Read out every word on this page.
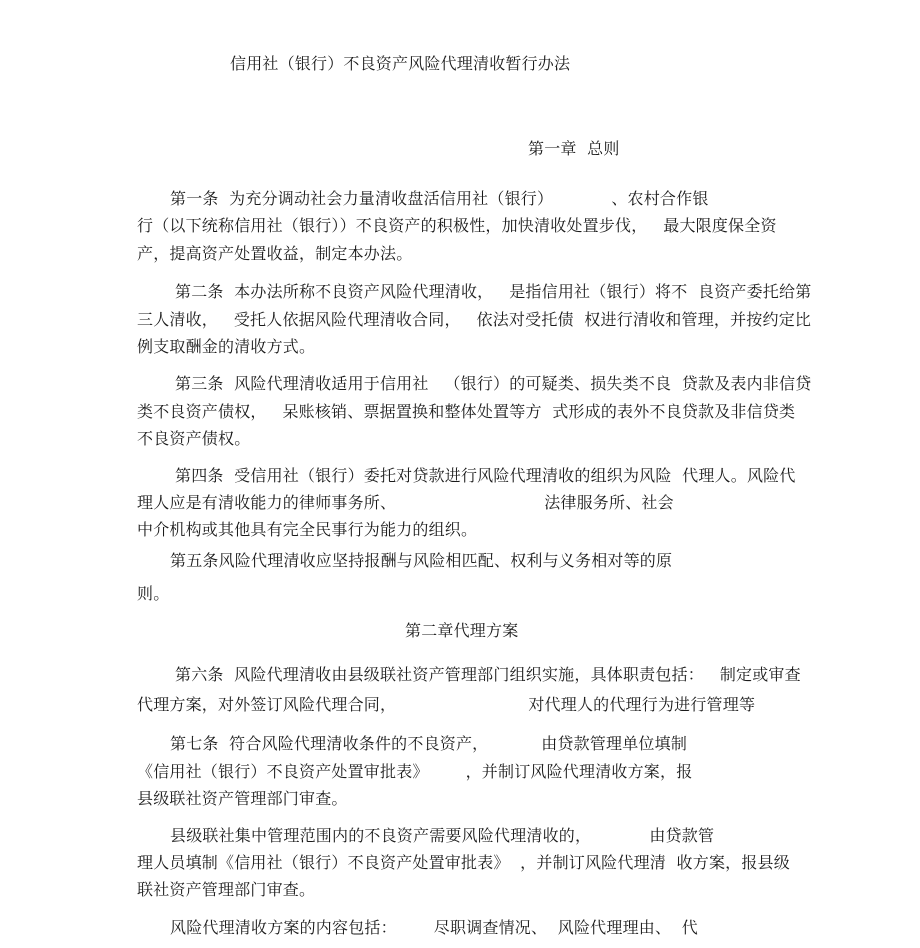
信用社（银行）不良资产风险代理清收暂行办法
第一章  总则
第一条  为充分调动社会力量清收盘活信用社（银行）           、农村合作银
行（以下统称信用社（银行））不良资产的积极性，加快清收处置步伐，   最大限度保全资
产，提高资产处置收益，制定本办法。
第二条  本办法所称不良资产风险代理清收，   是指信用社（银行）将不  良资产委托给第
三人清收，   受托人依据风险代理清收合同，   依法对受托债  权进行清收和管理，并按约定比
例支取酬金的清收方式。
第三条  风险代理清收适用于信用社   （银行）的可疑类、损失类不良  贷款及表内非信贷
类不良资产债权，   呆账核销、票据置换和整体处置等方  式形成的表外不良贷款及非信贷类
不良资产债权。
第四条  受信用社（银行）委托对贷款进行风险代理清收的组织为风险  代理人。风险代
理人应是有清收能力的律师事务所、                            法律服务所、社会
中介机构或其他具有完全民事行为能力的组织。
第五条风险代理清收应坚持报酬与风险相匹配、权利与义务相对等的原
则。
第二章代理方案
第六条  风险代理清收由县级联社资产管理部门组织实施，具体职责包括：   制定或审查
代理方案，对外签订风险代理合同，                         对代理人的代理行为进行管理等
第七条  符合风险代理清收条件的不良资产，          由贷款管理单位填制
《信用社（银行）不良资产处置审批表》       ，并制订风险代理清收方案，报
县级联社资产管理部门审查。
县级联社集中管理范围内的不良资产需要风险代理清收的，           由贷款管
理人员填制《信用社（银行）不良资产处置审批表》  ，并制订风险代理清  收方案，报县级
联社资产管理部门审查。
风险代理清收方案的内容包括：       尽职调查情况、  风险代理理由、  代
